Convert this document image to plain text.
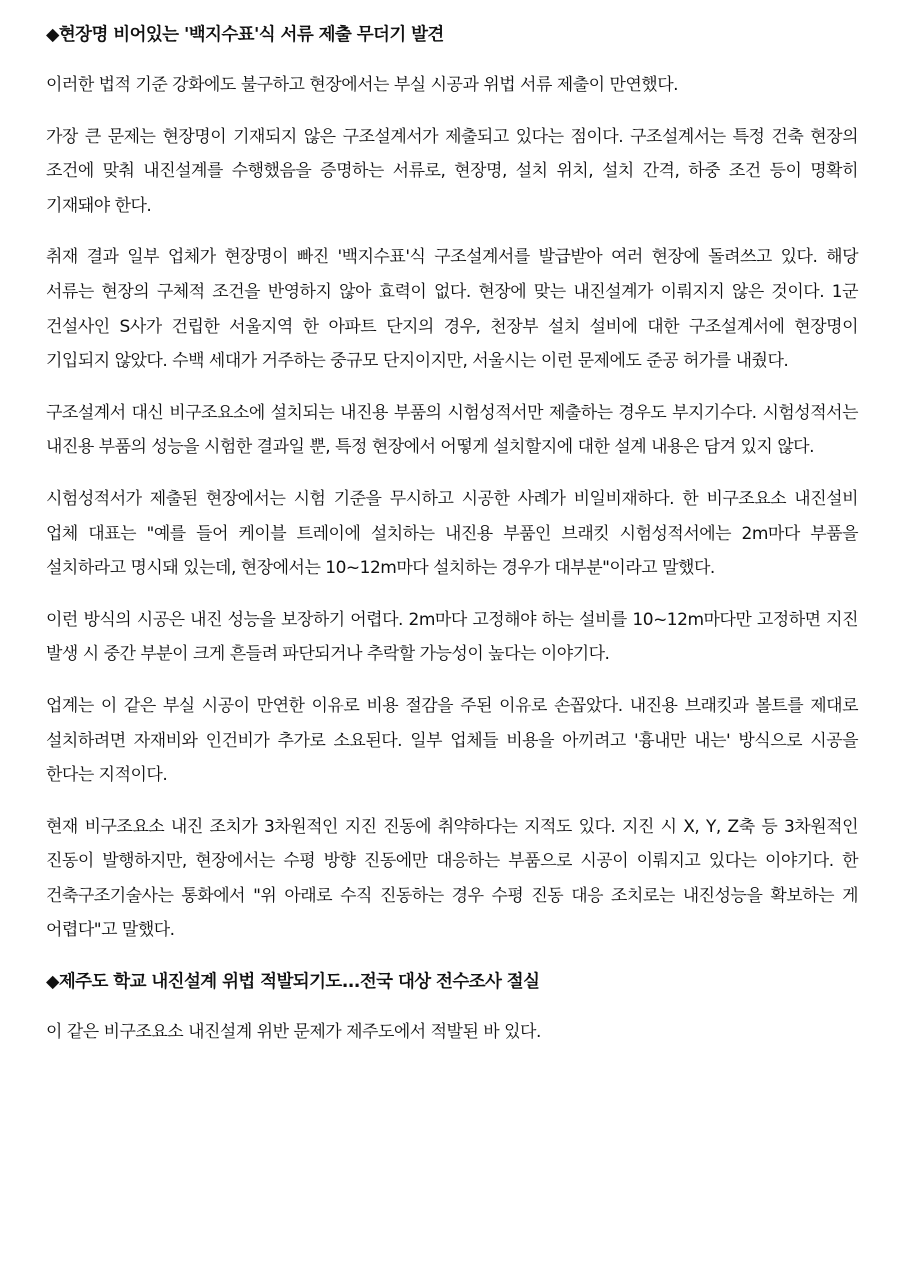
◆현장명 비어있는 '백지수표'식 서류 제출 무더기 발견

이러한 법적 기준 강화에도 불구하고 현장에서는 부실 시공과 위법 서류 제출이 만연했다.

가장 큰 문제는 현장명이 기재되지 않은 구조설계서가 제출되고 있다는 점이다. 구조설계서는 특정 건축 현장의 조건에 맞춰 내진설계를 수행했음을 증명하는 서류로, 현장명, 설치 위치, 설치 간격, 하중 조건 등이 명확히 기재돼야 한다.

취재 결과 일부 업체가 현장명이 빠진 '백지수표'식 구조설계서를 발급받아 여러 현장에 돌려쓰고 있다. 해당 서류는 현장의 구체적 조건을 반영하지 않아 효력이 없다. 현장에 맞는 내진설계가 이뤄지지 않은 것이다. 1군 건설사인 S사가 건립한 서울지역 한 아파트 단지의 경우, 천장부 설치 설비에 대한 구조설계서에 현장명이 기입되지 않았다. 수백 세대가 거주하는 중규모 단지이지만, 서울시는 이런 문제에도 준공 허가를 내줬다.

구조설계서 대신 비구조요소에 설치되는 내진용 부품의 시험성적서만 제출하는 경우도 부지기수다. 시험성적서는 내진용 부품의 성능을 시험한 결과일 뿐, 특정 현장에서 어떻게 설치할지에 대한 설계 내용은 담겨 있지 않다.

시험성적서가 제출된 현장에서는 시험 기준을 무시하고 시공한 사례가 비일비재하다. 한 비구조요소 내진설비 업체 대표는 "예를 들어 케이블 트레이에 설치하는 내진용 부품인 브래킷 시험성적서에는 2m마다 부품을 설치하라고 명시돼 있는데, 현장에서는 10~12m마다 설치하는 경우가 대부분"이라고 말했다.

이런 방식의 시공은 내진 성능을 보장하기 어렵다. 2m마다 고정해야 하는 설비를 10~12m마다만 고정하면 지진 발생 시 중간 부분이 크게 흔들려 파단되거나 추락할 가능성이 높다는 이야기다.

업계는 이 같은 부실 시공이 만연한 이유로 비용 절감을 주된 이유로 손꼽았다. 내진용 브래킷과 볼트를 제대로 설치하려면 자재비와 인건비가 추가로 소요된다. 일부 업체들 비용을 아끼려고 '흉내만 내는' 방식으로 시공을 한다는 지적이다.

현재 비구조요소 내진 조치가 3차원적인 지진 진동에 취약하다는 지적도 있다. 지진 시 X, Y, Z축 등 3차원적인 진동이 발행하지만, 현장에서는 수평 방향 진동에만 대응하는 부품으로 시공이 이뤄지고 있다는 이야기다. 한 건축구조기술사는 통화에서 "위 아래로 수직 진동하는 경우 수평 진동 대응 조치로는 내진성능을 확보하는 게 어렵다"고 말했다.

◆제주도 학교 내진설계 위법 적발되기도...전국 대상 전수조사 절실

이 같은 비구조요소 내진설계 위반 문제가 제주도에서 적발된 바 있다.
